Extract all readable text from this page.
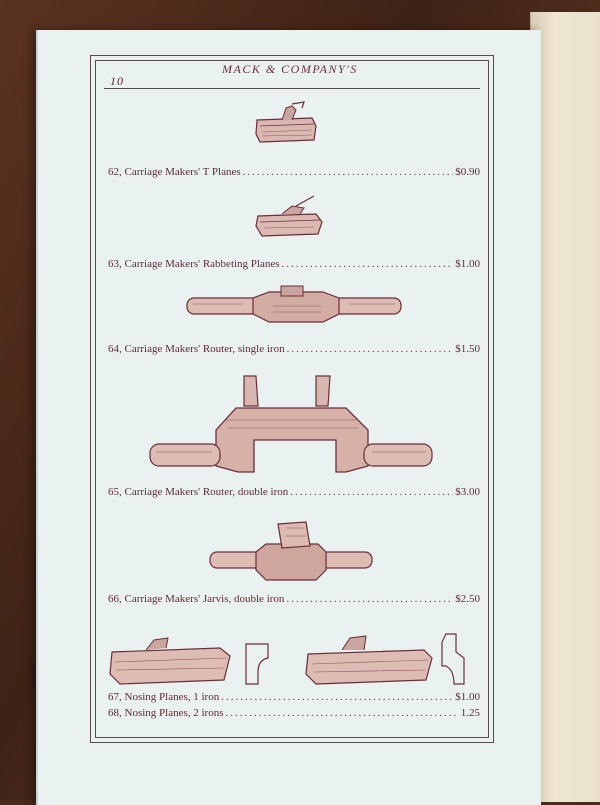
10
MACK & COMPANY'S
62, Carriage Makers' T Planes .....	$0.90
63, Carriage Makers' Rabbeting Planes .....	$1.00
64, Carriage Makers' Router, single iron .....	$1.50
65, Carriage Makers' Router, double iron .....	$3.00
66, Carriage Makers' Jarvis, double iron .....	$2.50
67, Nosing Planes, 1 iron .....	$1.00
68, Nosing Planes, 2 irons .....	1.25
